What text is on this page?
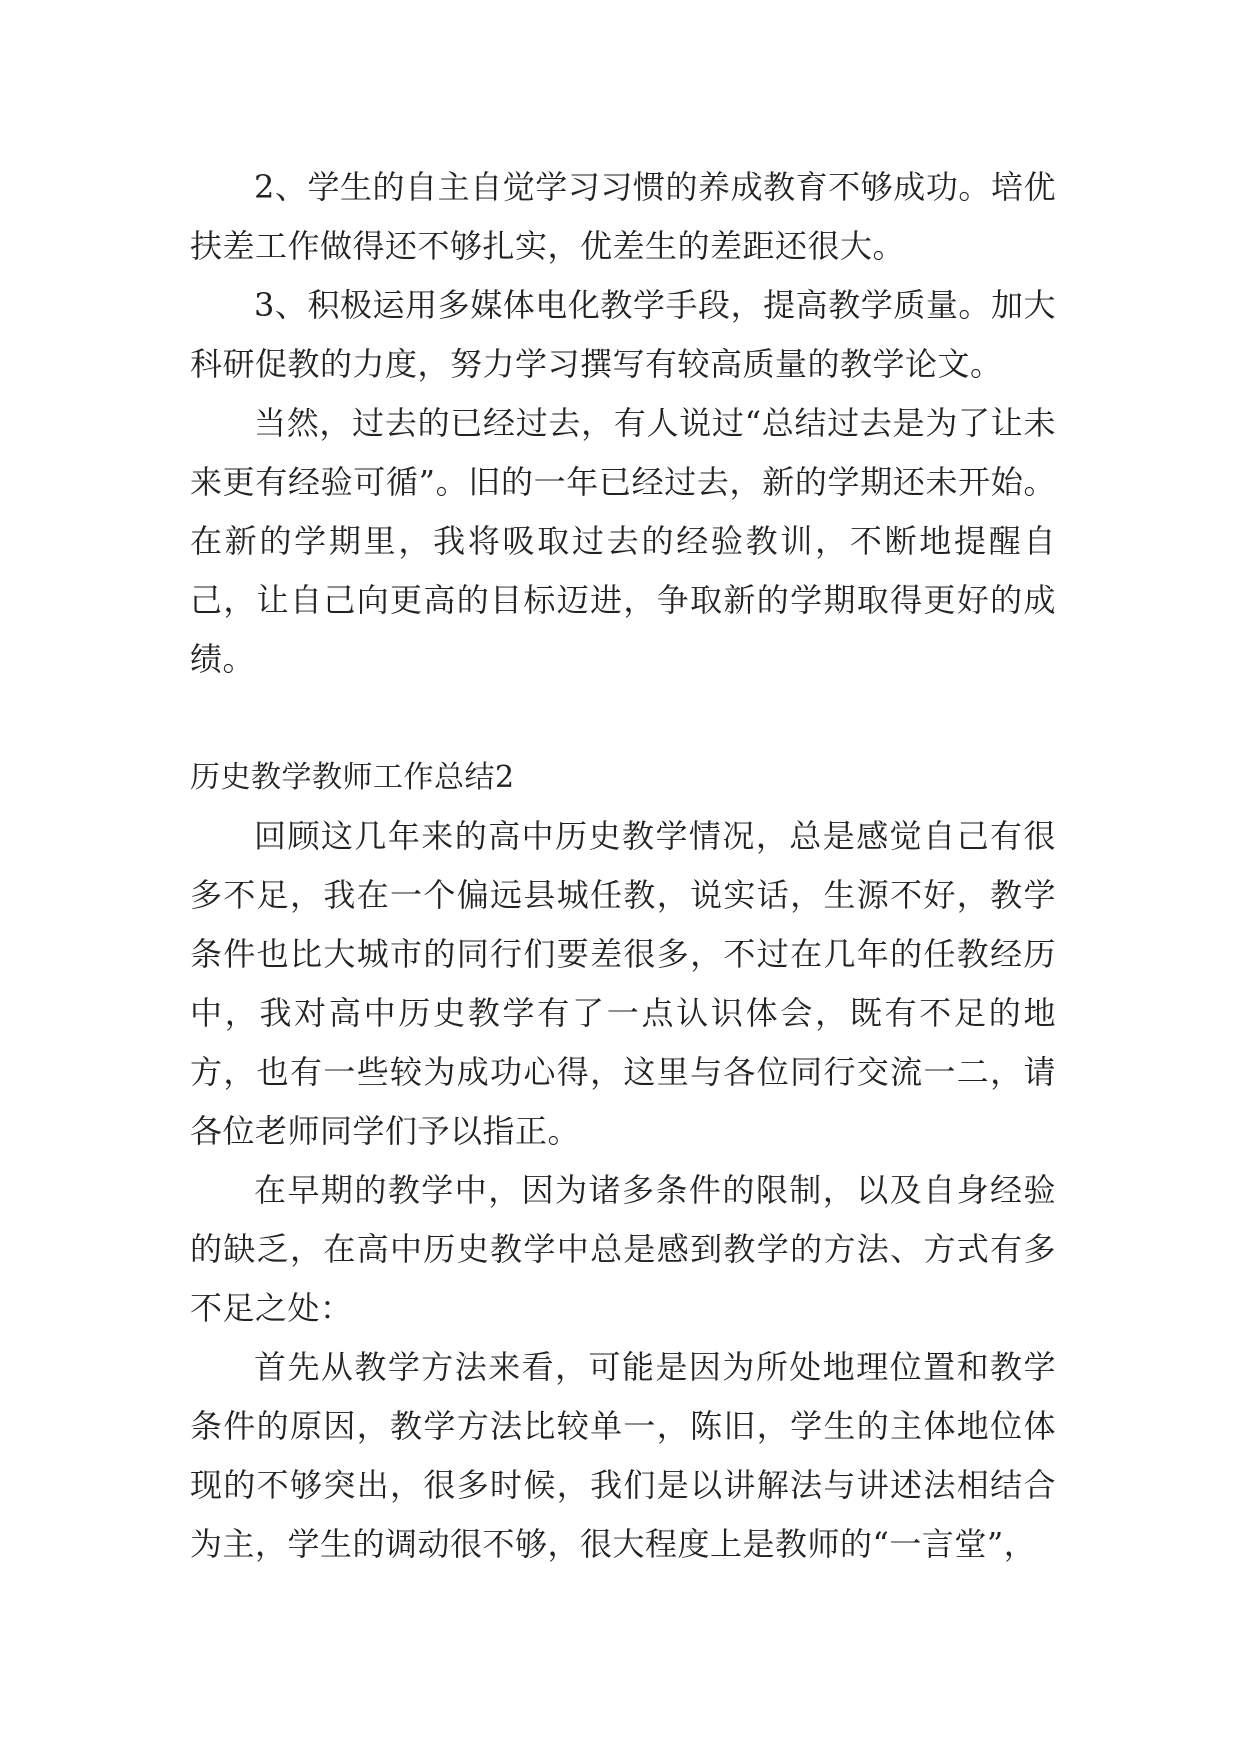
2、学生的自主自觉学习习惯的养成教育不够成功。培优扶差工作做得还不够扎实，优差生的差距还很大。

3、积极运用多媒体电化教学手段，提高教学质量。加大科研促教的力度，努力学习撰写有较高质量的教学论文。

当然，过去的已经过去，有人说过“总结过去是为了让未来更有经验可循”。旧的一年已经过去，新的学期还未开始。在新的学期里，我将吸取过去的经验教训，不断地提醒自己，让自己向更高的目标迈进，争取新的学期取得更好的成绩。

历史教学教师工作总结2

回顾这几年来的高中历史教学情况，总是感觉自己有很多不足，我在一个偏远县城任教，说实话，生源不好，教学条件也比大城市的同行们要差很多，不过在几年的任教经历中，我对高中历史教学有了一点认识体会，既有不足的地方，也有一些较为成功心得，这里与各位同行交流一二，请各位老师同学们予以指正。

在早期的教学中，因为诸多条件的限制，以及自身经验的缺乏，在高中历史教学中总是感到教学的方法、方式有多不足之处：

首先从教学方法来看，可能是因为所处地理位置和教学条件的原因，教学方法比较单一，陈旧，学生的主体地位体现的不够突出，很多时候，我们是以讲解法与讲述法相结合为主，学生的调动很不够，很大程度上是教师的“一言堂”，
